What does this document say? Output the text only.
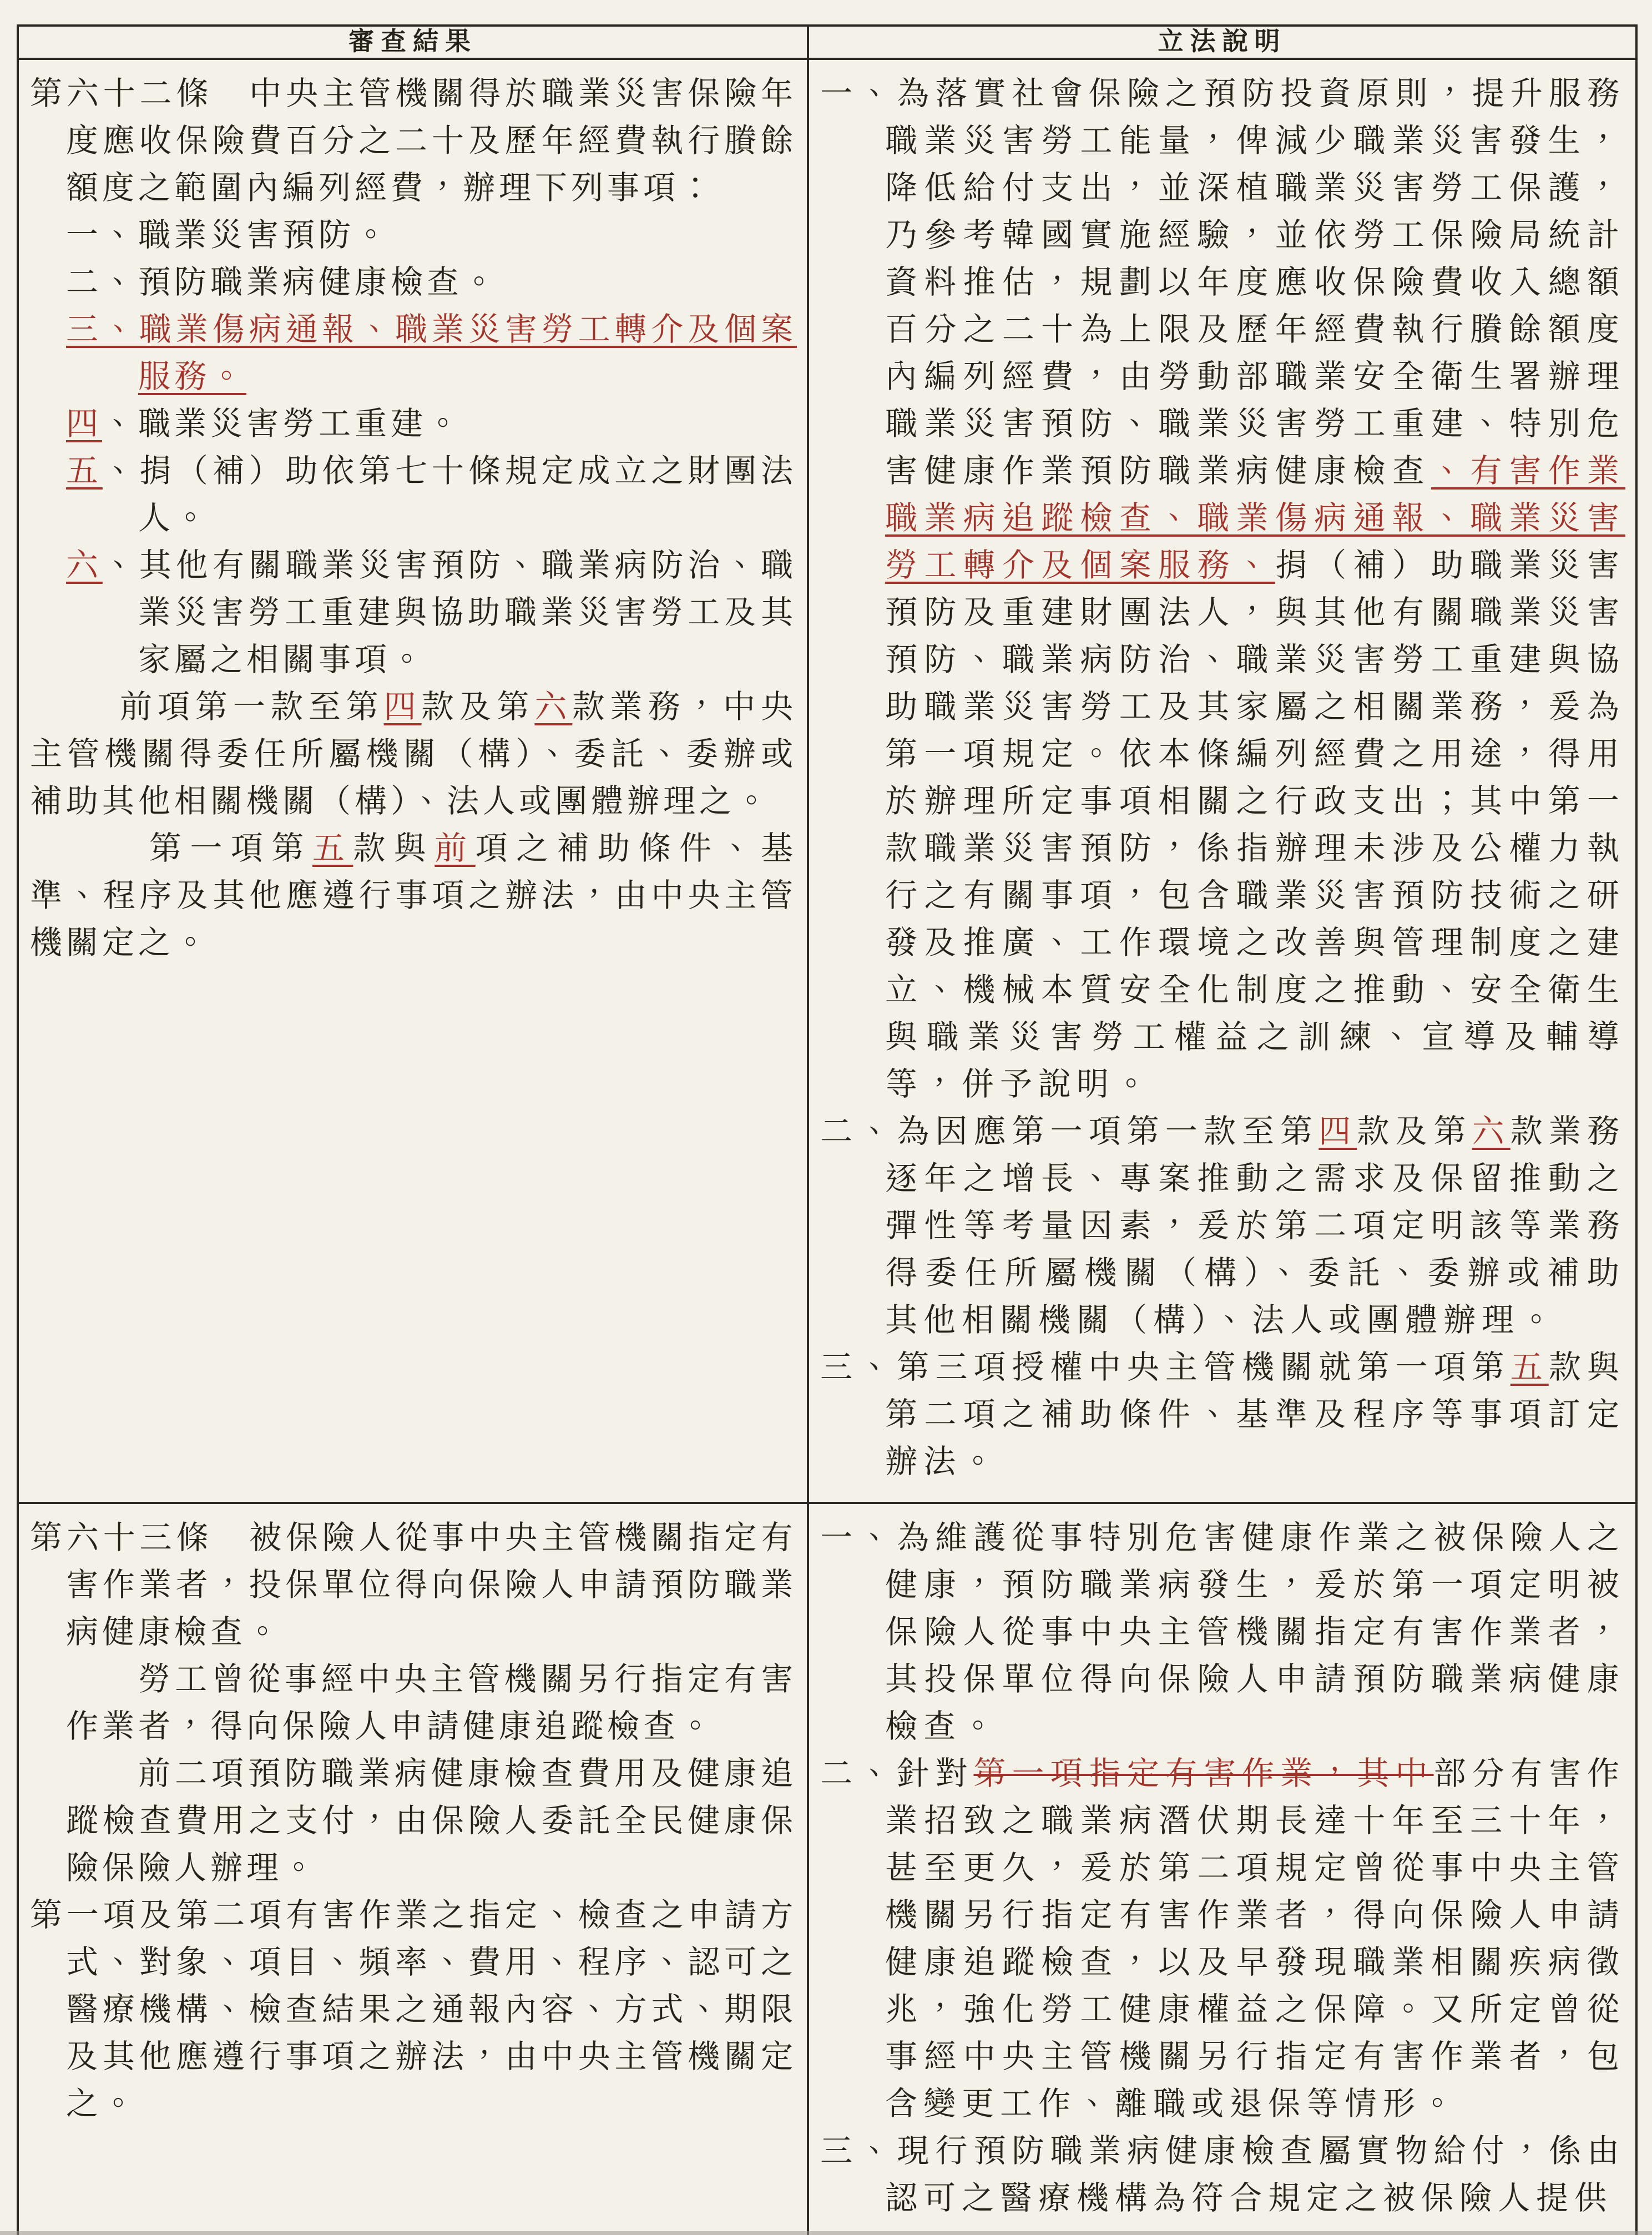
審查結果	立法說明

第六十二條　中央主管機關得於職業災害保險年度應收保險費百分之二十及歷年經費執行賸餘額度之範圍內編列經費，辦理下列事項：

一、職業災害預防。

二、預防職業病健康檢查。

三、職業傷病通報、職業災害勞工轉介及個案服務。

四、職業災害勞工重建。

五、捐（補）助依第七十條規定成立之財團法人。

六、其他有關職業災害預防、職業病防治、職業災害勞工重建與協助職業災害勞工及其家屬之相關事項。

前項第一款至第四款及第六款業務，中央主管機關得委任所屬機關（構）、委託、委辦或補助其他相關機關（構）、法人或團體辦理之。

第一項第五款與前項之補助條件、基準、程序及其他應遵行事項之辦法，由中央主管機關定之。

一、為落實社會保險之預防投資原則，提升服務職業災害勞工能量，俾減少職業災害發生，降低給付支出，並深植職業災害勞工保護，乃參考韓國實施經驗，並依勞工保險局統計資料推估，規劃以年度應收保險費收入總額百分之二十為上限及歷年經費執行賸餘額度內編列經費，由勞動部職業安全衛生署辦理職業災害預防、職業災害勞工重建、特別危害健康作業預防職業病健康檢查、有害作業職業病追蹤檢查、職業傷病通報、職業災害勞工轉介及個案服務、捐（補）助職業災害預防及重建財團法人，與其他有關職業災害預防、職業病防治、職業災害勞工重建與協助職業災害勞工及其家屬之相關業務，爰為第一項規定。依本條編列經費之用途，得用於辦理所定事項相關之行政支出；其中第一款職業災害預防，係指辦理未涉及公權力執行之有關事項，包含職業災害預防技術之研發及推廣、工作環境之改善與管理制度之建立、機械本質安全化制度之推動、安全衛生與職業災害勞工權益之訓練、宣導及輔導等，併予說明。

二、為因應第一項第一款至第四款及第六款業務逐年之增長、專案推動之需求及保留推動之彈性等考量因素，爰於第二項定明該等業務得委任所屬機關（構）、委託、委辦或補助其他相關機關（構）、法人或團體辦理。

三、第三項授權中央主管機關就第一項第五款與第二項之補助條件、基準及程序等事項訂定辦法。

第六十三條　被保險人從事中央主管機關指定有害作業者，投保單位得向保險人申請預防職業病健康檢查。

勞工曾從事經中央主管機關另行指定有害作業者，得向保險人申請健康追蹤檢查。

前二項預防職業病健康檢查費用及健康追蹤檢查費用之支付，由保險人委託全民健康保險保險人辦理。

第一項及第二項有害作業之指定、檢查之申請方式、對象、項目、頻率、費用、程序、認可之醫療機構、檢查結果之通報內容、方式、期限及其他應遵行事項之辦法，由中央主管機關定之。

一、為維護從事特別危害健康作業之被保險人之健康，預防職業病發生，爰於第一項定明被保險人從事中央主管機關指定有害作業者，其投保單位得向保險人申請預防職業病健康檢查。

二、針對第一項指定有害作業，其中部分有害作業招致之職業病潛伏期長達十年至三十年，甚至更久，爰於第二項規定曾從事中央主管機關另行指定有害作業者，得向保險人申請健康追蹤檢查，以及早發現職業相關疾病徵兆，強化勞工健康權益之保障。又所定曾從事經中央主管機關另行指定有害作業者，包含變更工作、離職或退保等情形。

三、現行預防職業病健康檢查屬實物給付，係由認可之醫療機構為符合規定之被保險人提供
